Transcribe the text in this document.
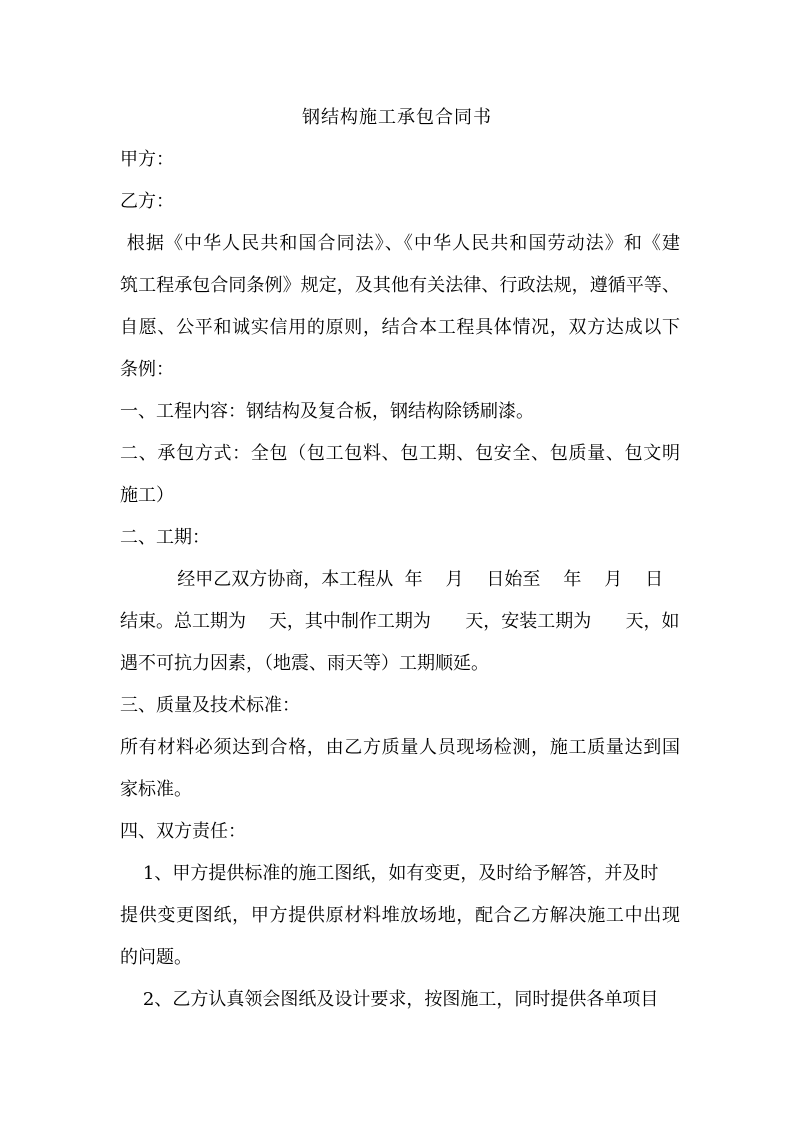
钢结构施工承包合同书
甲方：
乙方：
根据《中华人民共和国合同法》、《中华人民共和国劳动法》和《建
筑工程承包合同条例》规定，及其他有关法律、行政法规，遵循平等、
自愿、公平和诚实信用的原则，结合本工程具体情况，双方达成以下
条例：
一、工程内容：钢结构及复合板，钢结构除锈刷漆。
二、承包方式：全包（包工包料、包工期、包安全、包质量、包文明
施工）
二、工期：
经甲乙双方协商，本工程从  年    月    日始至    年    月    日
结束。总工期为    天，其中制作工期为      天，安装工期为      天，如
遇不可抗力因素，（地震、雨天等）工期顺延。
三、质量及技术标准：
所有材料必须达到合格，由乙方质量人员现场检测，施工质量达到国
家标准。
四、双方责任：
1、甲方提供标准的施工图纸，如有变更，及时给予解答，并及时
提供变更图纸，甲方提供原材料堆放场地，配合乙方解决施工中出现
的问题。
2、乙方认真领会图纸及设计要求，按图施工，同时提供各单项目
